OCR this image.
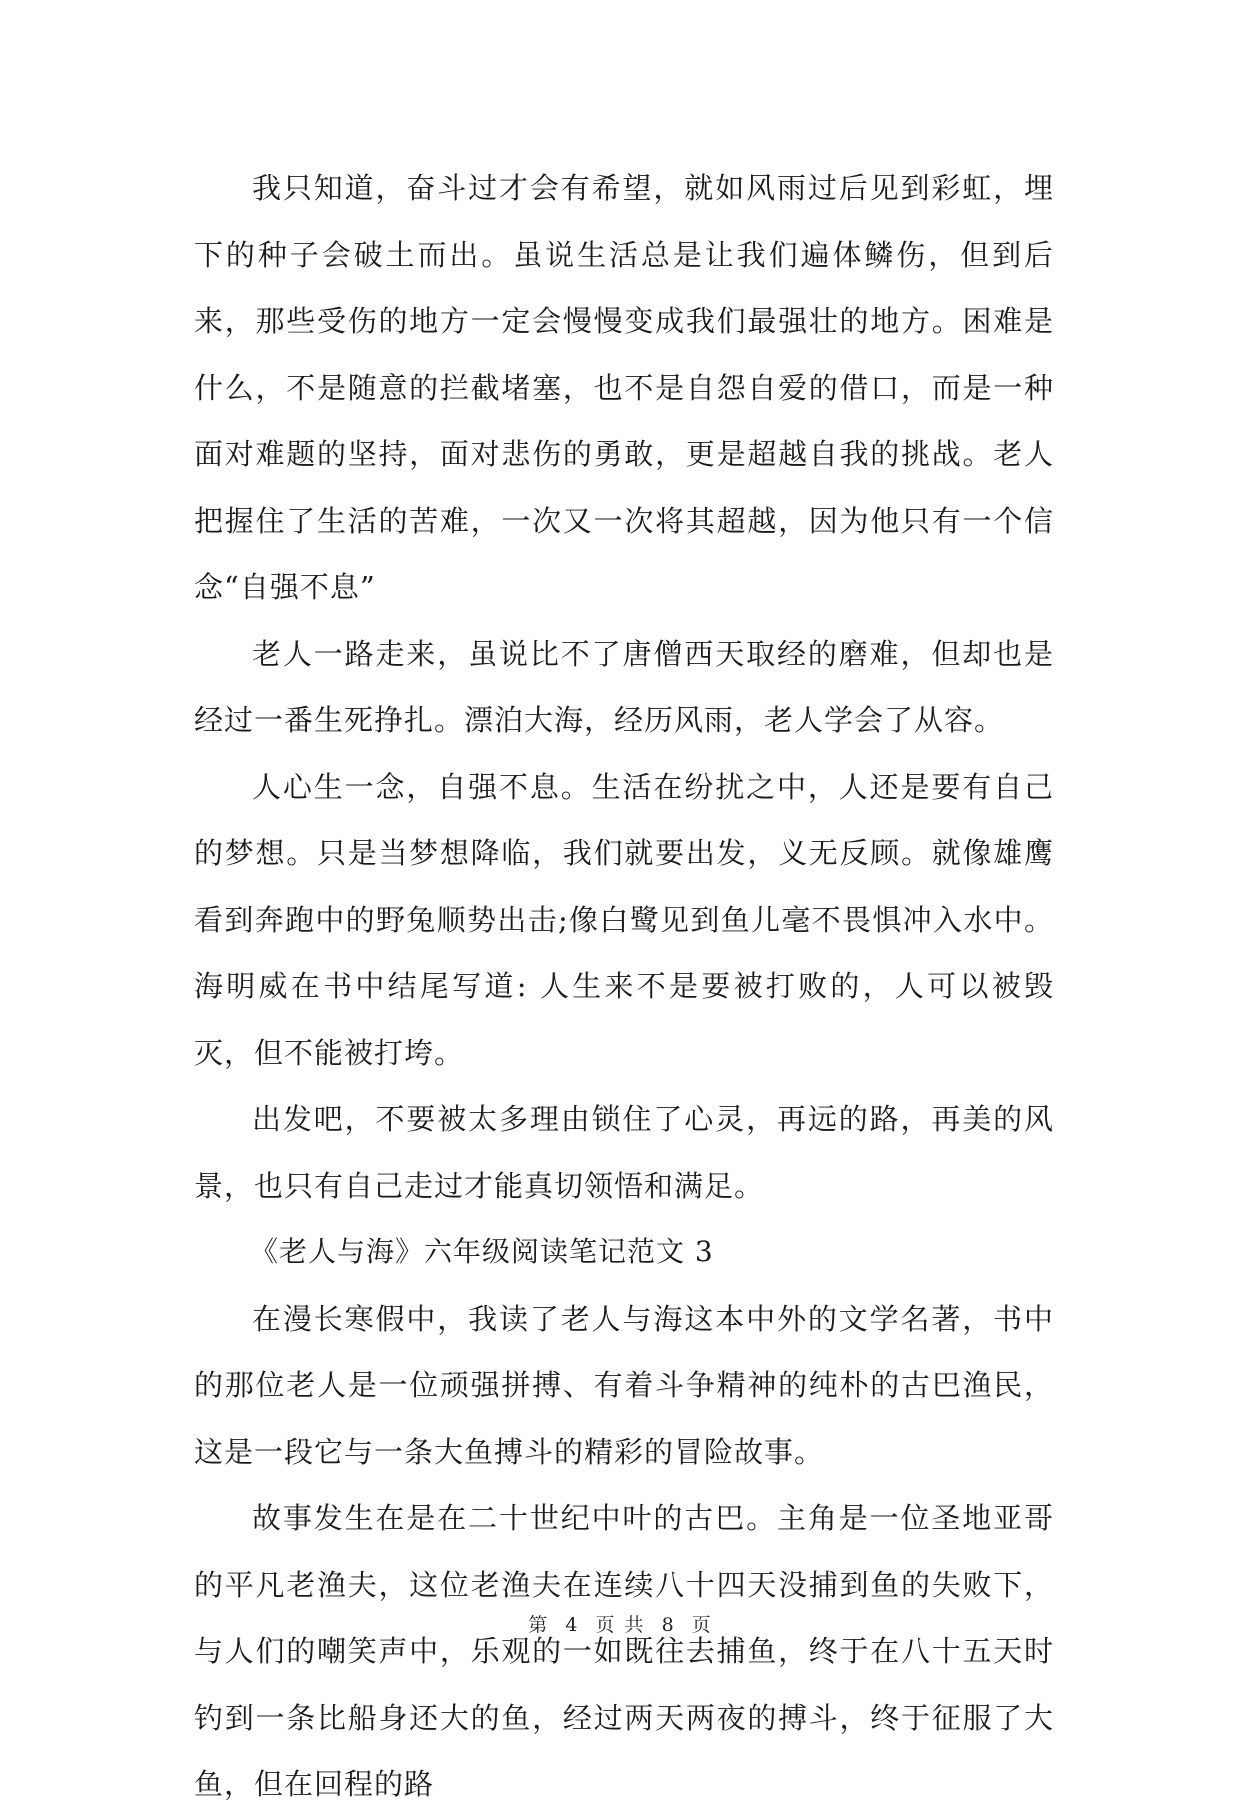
我只知道，奋斗过才会有希望，就如风雨过后见到彩虹，埋下的种子会破土而出。虽说生活总是让我们遍体鳞伤，但到后来，那些受伤的地方一定会慢慢变成我们最强壮的地方。困难是什么，不是随意的拦截堵塞，也不是自怨自爱的借口，而是一种面对难题的坚持，面对悲伤的勇敢，更是超越自我的挑战。老人把握住了生活的苦难，一次又一次将其超越，因为他只有一个信念“自强不息”

老人一路走来，虽说比不了唐僧西天取经的磨难，但却也是经过一番生死挣扎。漂泊大海，经历风雨，老人学会了从容。

人心生一念，自强不息。生活在纷扰之中，人还是要有自己的梦想。只是当梦想降临，我们就要出发，义无反顾。就像雄鹰看到奔跑中的野兔顺势出击;像白鹭见到鱼儿毫不畏惧冲入水中。海明威在书中结尾写道: 人生来不是要被打败的，人可以被毁灭，但不能被打垮。

出发吧，不要被太多理由锁住了心灵，再远的路，再美的风景，也只有自己走过才能真切领悟和满足。

《老人与海》六年级阅读笔记范文 3

在漫长寒假中，我读了老人与海这本中外的文学名著，书中的那位老人是一位顽强拼搏、有着斗争精神的纯朴的古巴渔民，这是一段它与一条大鱼搏斗的精彩的冒险故事。

故事发生在是在二十世纪中叶的古巴。主角是一位圣地亚哥的平凡老渔夫，这位老渔夫在连续八十四天没捕到鱼的失败下，与人们的嘲笑声中，乐观的一如既往去捕鱼，终于在八十五天时钓到一条比船身还大的鱼，经过两天两夜的搏斗，终于征服了大鱼，但在回程的路

第 4 页 共 8 页
